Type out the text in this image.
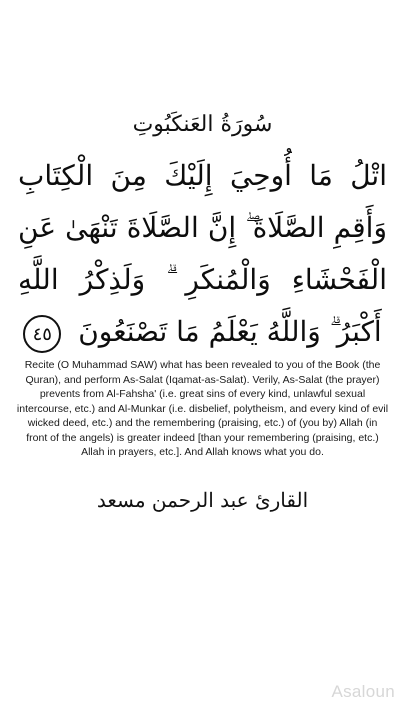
سُورَةُ العَنكَبُوتِ
اتْلُ مَا أُوحِيَ إِلَيْكَ مِنَ الْكِتَابِ وَأَقِمِ الصَّلَاةَ ۖ إِنَّ الصَّلَاةَ تَنْهَىٰ عَنِ الْفَحْشَاءِ وَالْمُنكَرِ ۗ وَلَذِكْرُ اللَّهِ أَكْبَرُ ۗ وَاللَّهُ يَعْلَمُ مَا تَصْنَعُونَ ٤٥
Recite (O Muhammad SAW) what has been revealed to you of the Book (the Quran), and perform As-Salat (Iqamat-as-Salat). Verily, As-Salat (the prayer) prevents from Al-Fahsha' (i.e. great sins of every kind, unlawful sexual intercourse, etc.) and Al-Munkar (i.e. disbelief, polytheism, and every kind of evil wicked deed, etc.) and the remembering (praising, etc.) of (you by) Allah (in front of the angels) is greater indeed [than your remembering (praising, etc.) Allah in prayers, etc.]. And Allah knows what you do.
القارئ عبد الرحمن مسعد
Asaloun
